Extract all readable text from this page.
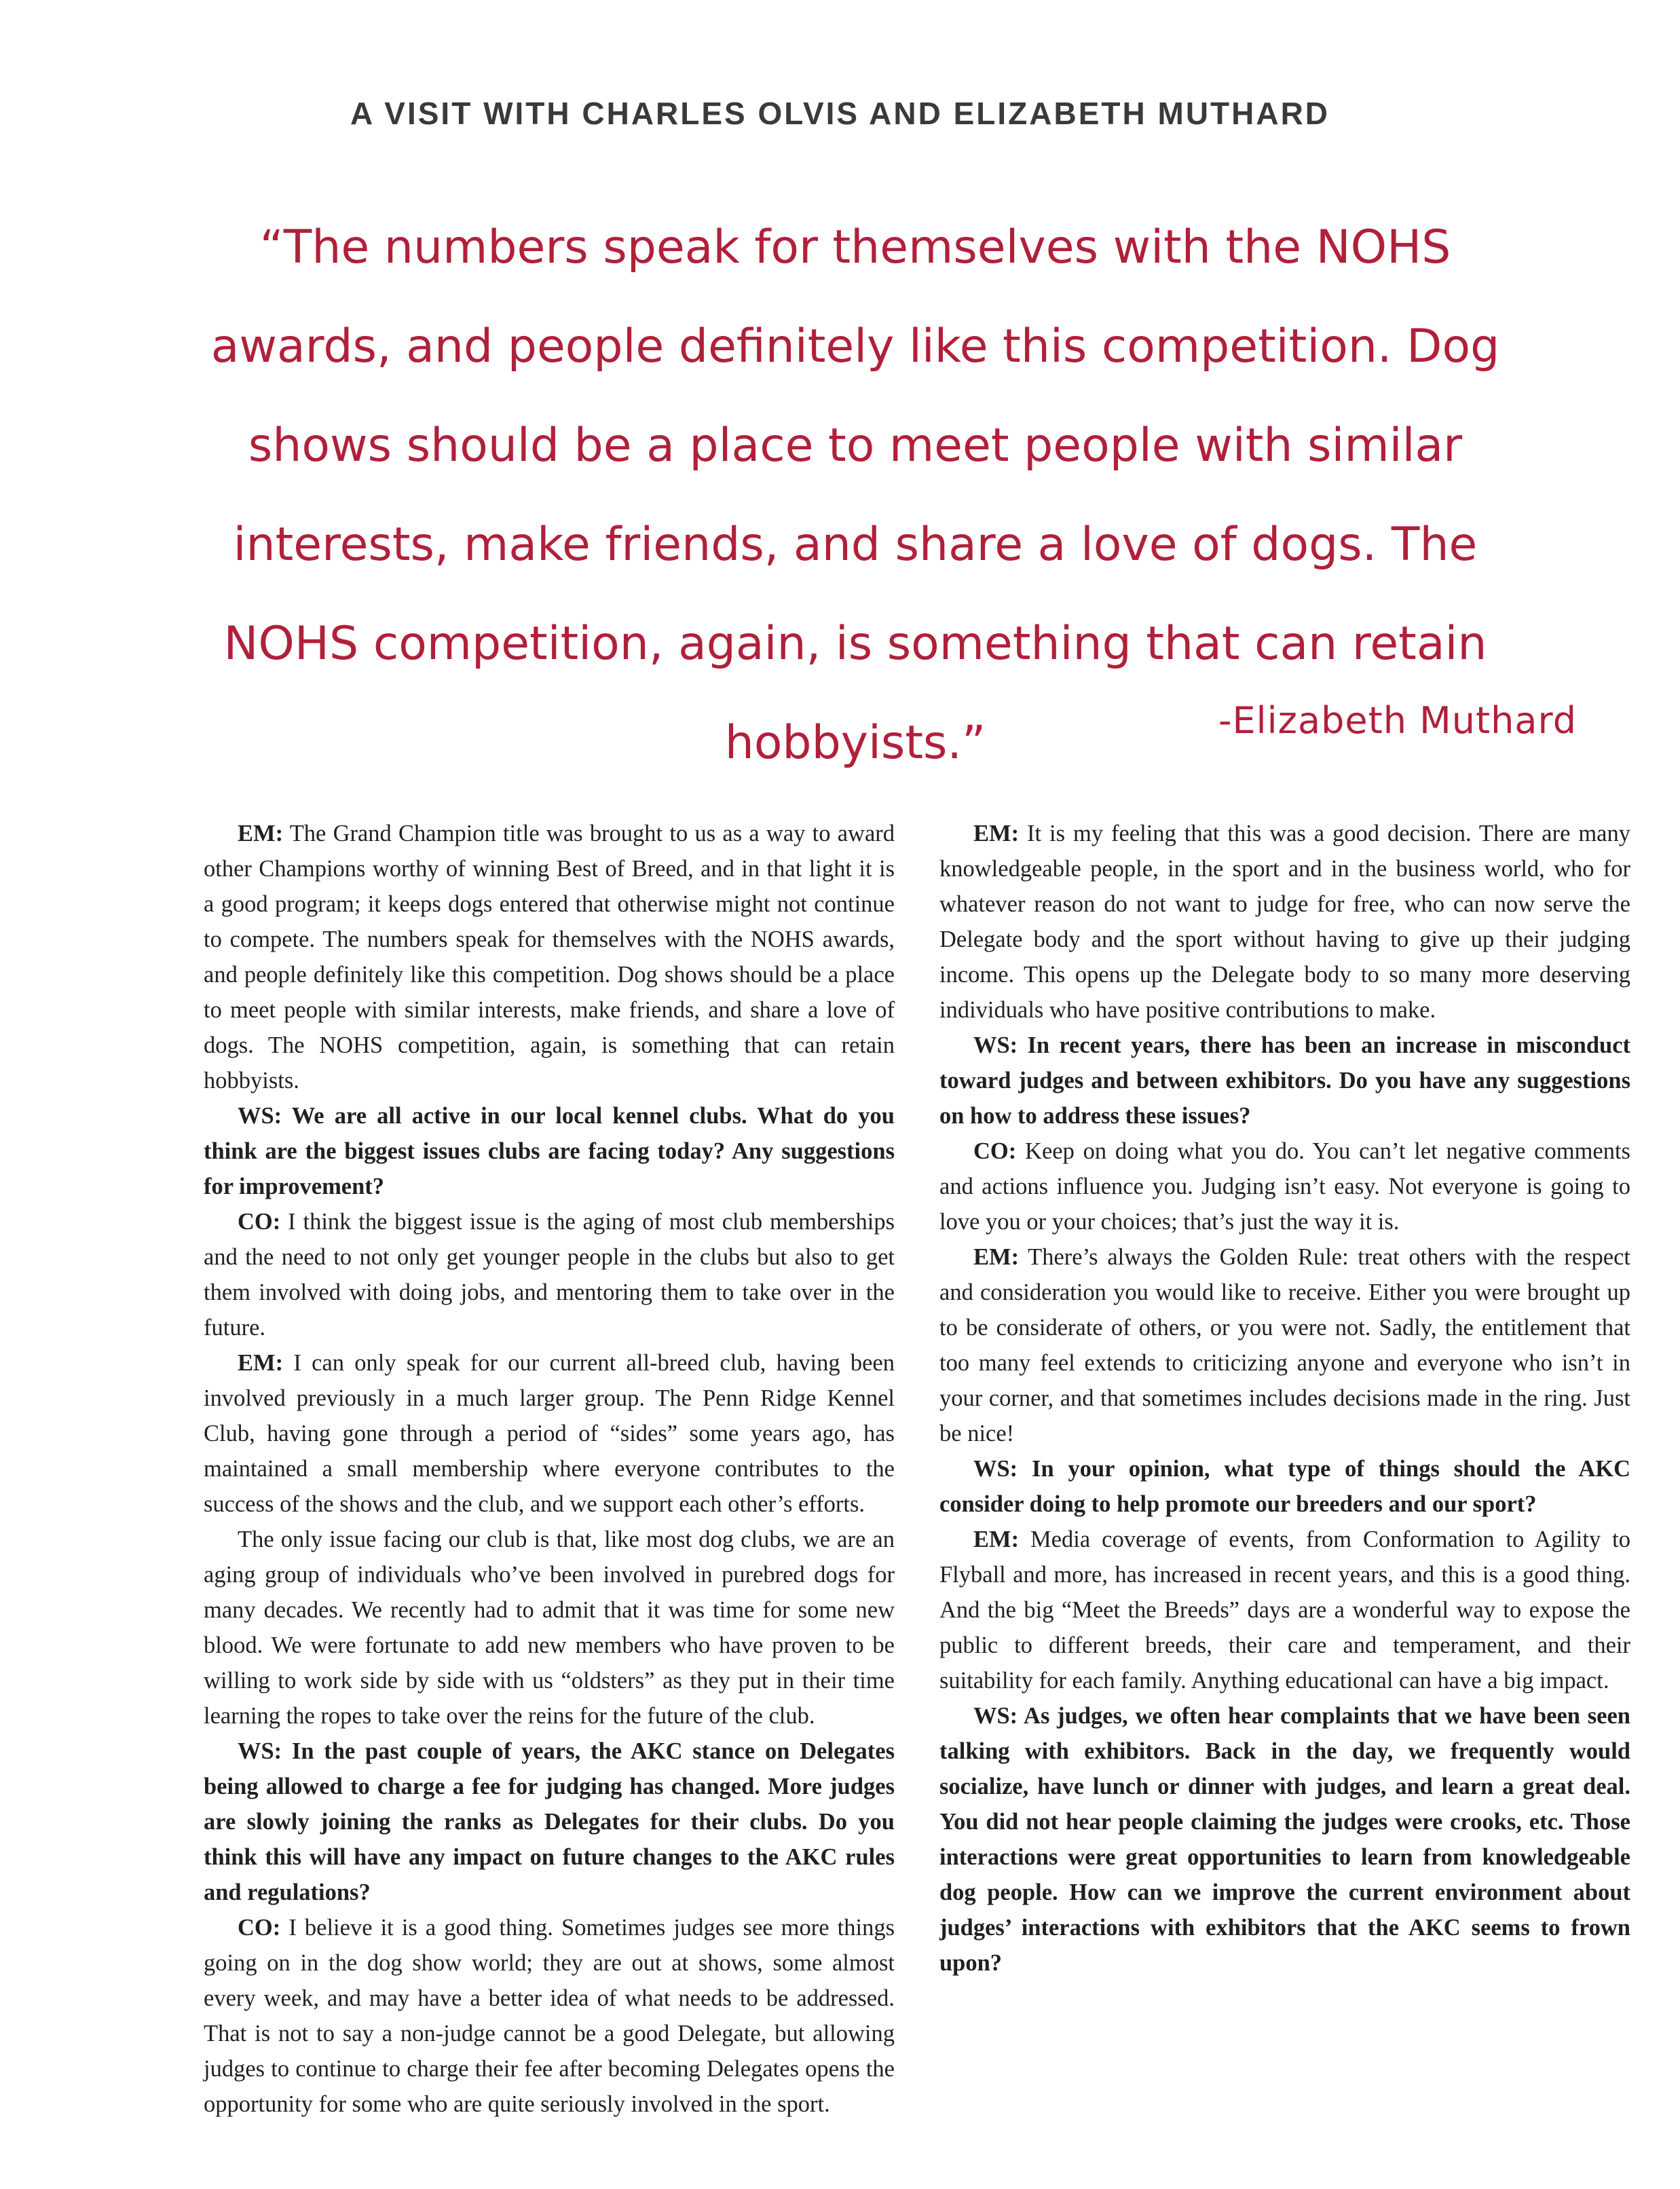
A VISIT WITH CHARLES OLVIS AND ELIZABETH MUTHARD

“The numbers speak for themselves with the NOHS awards, and people definitely like this competition. Dog shows should be a place to meet people with similar interests, make friends, and share a love of dogs. The NOHS competition, again, is something that can retain hobbyists.”	-Elizabeth Muthard

EM: The Grand Champion title was brought to us as a way to award other Champions worthy of winning Best of Breed, and in that light it is a good program; it keeps dogs entered that otherwise might not continue to compete. The numbers speak for themselves with the NOHS awards, and people definitely like this competition. Dog shows should be a place to meet people with similar interests, make friends, and share a love of dogs. The NOHS competition, again, is something that can retain hobbyists.

WS: We are all active in our local kennel clubs. What do you think are the biggest issues clubs are facing today? Any suggestions for improvement?

CO: I think the biggest issue is the aging of most club memberships and the need to not only get younger people in the clubs but also to get them involved with doing jobs, and mentoring them to take over in the future.

EM: I can only speak for our current all-breed club, having been involved previously in a much larger group. The Penn Ridge Kennel Club, having gone through a period of “sides” some years ago, has maintained a small membership where everyone contributes to the success of the shows and the club, and we support each other’s efforts.

The only issue facing our club is that, like most dog clubs, we are an aging group of individuals who’ve been involved in purebred dogs for many decades. We recently had to admit that it was time for some new blood. We were fortunate to add new members who have proven to be willing to work side by side with us “oldsters” as they put in their time learning the ropes to take over the reins for the future of the club.

WS: In the past couple of years, the AKC stance on Delegates being allowed to charge a fee for judging has changed. More judges are slowly joining the ranks as Delegates for their clubs. Do you think this will have any impact on future changes to the AKC rules and regulations?

CO: I believe it is a good thing. Sometimes judges see more things going on in the dog show world; they are out at shows, some almost every week, and may have a better idea of what needs to be addressed. That is not to say a non-judge cannot be a good Delegate, but allowing judges to continue to charge their fee after becoming Delegates opens the opportunity for some who are quite seriously involved in the sport.

EM: It is my feeling that this was a good decision. There are many knowledgeable people, in the sport and in the business world, who for whatever reason do not want to judge for free, who can now serve the Delegate body and the sport without having to give up their judging income. This opens up the Delegate body to so many more deserving individuals who have positive contributions to make.

WS: In recent years, there has been an increase in misconduct toward judges and between exhibitors. Do you have any suggestions on how to address these issues?

CO: Keep on doing what you do. You can’t let negative comments and actions influence you. Judging isn’t easy. Not everyone is going to love you or your choices; that’s just the way it is.

EM: There’s always the Golden Rule: treat others with the respect and consideration you would like to receive. Either you were brought up to be considerate of others, or you were not. Sadly, the entitlement that too many feel extends to criticizing anyone and everyone who isn’t in your corner, and that sometimes includes decisions made in the ring. Just be nice!

WS: In your opinion, what type of things should the AKC consider doing to help promote our breeders and our sport?

EM: Media coverage of events, from Conformation to Agility to Flyball and more, has increased in recent years, and this is a good thing. And the big “Meet the Breeds” days are a wonderful way to expose the public to different breeds, their care and temperament, and their suitability for each family. Anything educational can have a big impact.

WS: As judges, we often hear complaints that we have been seen talking with exhibitors. Back in the day, we frequently would socialize, have lunch or dinner with judges, and learn a great deal. You did not hear people claiming the judges were crooks, etc. Those interactions were great opportunities to learn from knowledgeable dog people. How can we improve the current environment about judges’ interactions with exhibitors that the AKC seems to frown upon?
